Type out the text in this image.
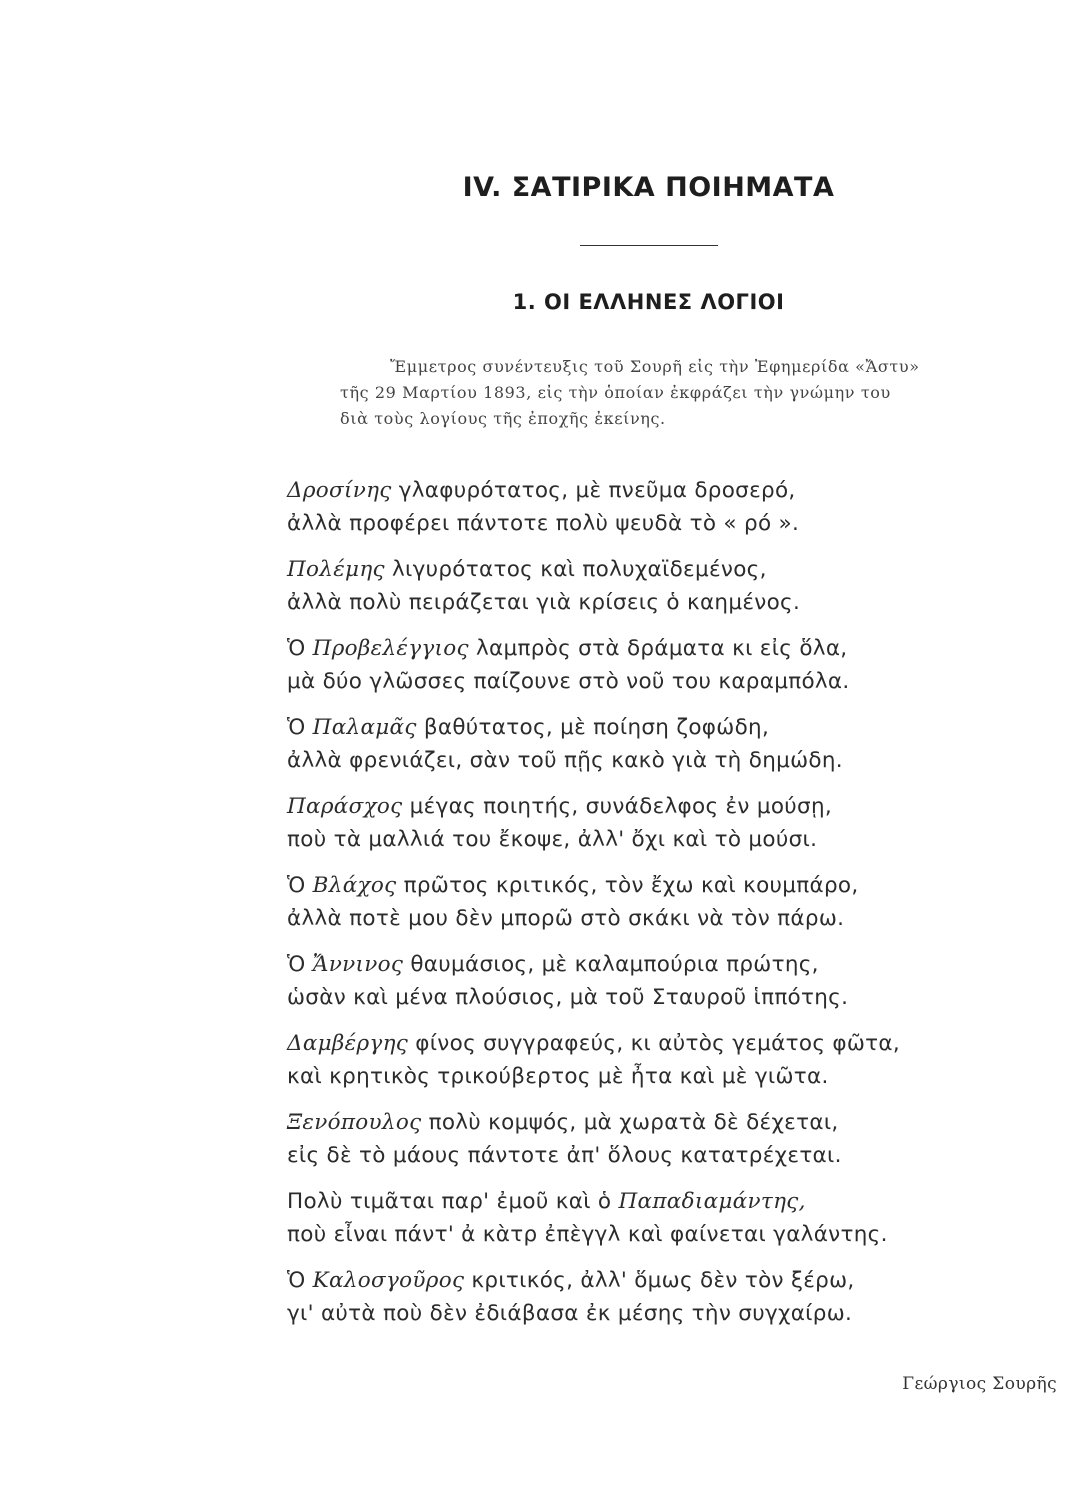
IV. ΣΑΤΙΡΙΚΑ ΠΟΙΗΜΑΤΑ
1. ΟΙ ΕΛΛΗΝΕΣ ΛΟΓΙΟΙ
Ἔμμετρος συνέντευξις τοῦ Σουρῆ εἰς τὴν Ἐφημερίδα «Ἄστυ»
τῆς 29 Μαρτίου 1893, εἰς τὴν ὁποίαν ἐκφράζει τὴν γνώμην του
διὰ τοὺς λογίους τῆς ἐποχῆς ἐκείνης.
Δροσίνης γλαφυρότατος, μὲ πνεῦμα δροσερό,
ἀλλὰ προφέρει πάντοτε πολὺ ψευδὰ τὸ « ρό ».
Πολέμης λιγυρότατος καὶ πολυχαϊδεμένος,
ἀλλὰ πολὺ πειράζεται γιὰ κρίσεις ὁ καημένος.
Ὁ Προβελέγγιος λαμπρὸς στὰ δράματα κι εἰς ὅλα,
μὰ δύο γλῶσσες παίζουνε στὸ νοῦ του καραμπόλα.
Ὁ Παλαμᾶς βαθύτατος, μὲ ποίηση ζοφώδη,
ἀλλὰ φρενιάζει, σὰν τοῦ πῇς κακὸ γιὰ τὴ δημώδη.
Παράσχος μέγας ποιητής, συνάδελφος ἐν μούσῃ,
ποὺ τὰ μαλλιά του ἔκοψε, ἀλλ' ὄχι καὶ τὸ μούσι.
Ὁ Βλάχος πρῶτος κριτικός, τὸν ἔχω καὶ κουμπάρο,
ἀλλὰ ποτὲ μου δὲν μπορῶ στὸ σκάκι νὰ τὸν πάρω.
Ὁ Ἄννινος θαυμάσιος, μὲ καλαμπούρια πρώτης,
ὡσὰν καὶ μένα πλούσιος, μὰ τοῦ Σταυροῦ ἱππότης.
Δαμβέργης φίνος συγγραφεύς, κι αὐτὸς γεμάτος φῶτα,
καὶ κρητικὸς τρικούβερτος μὲ ἦτα καὶ μὲ γιῶτα.
Ξενόπουλος πολὺ κομψός, μὰ χωρατὰ δὲ δέχεται,
εἰς δὲ τὸ μάους πάντοτε ἀπ' ὅλους κατατρέχεται.
Πολὺ τιμᾶται παρ' ἐμοῦ καὶ ὁ Παπαδιαμάντης,
ποὺ εἶναι πάντ' ἀ κὰτρ ἐπὲγγλ καὶ φαίνεται γαλάντης.
Ὁ Καλοσγοῦρος κριτικός, ἀλλ' ὅμως δὲν τὸν ξέρω,
γι' αὐτὰ ποὺ δὲν ἐδιάβασα ἐκ μέσης τὴν συγχαίρω.
Γεώργιος Σουρῆς
